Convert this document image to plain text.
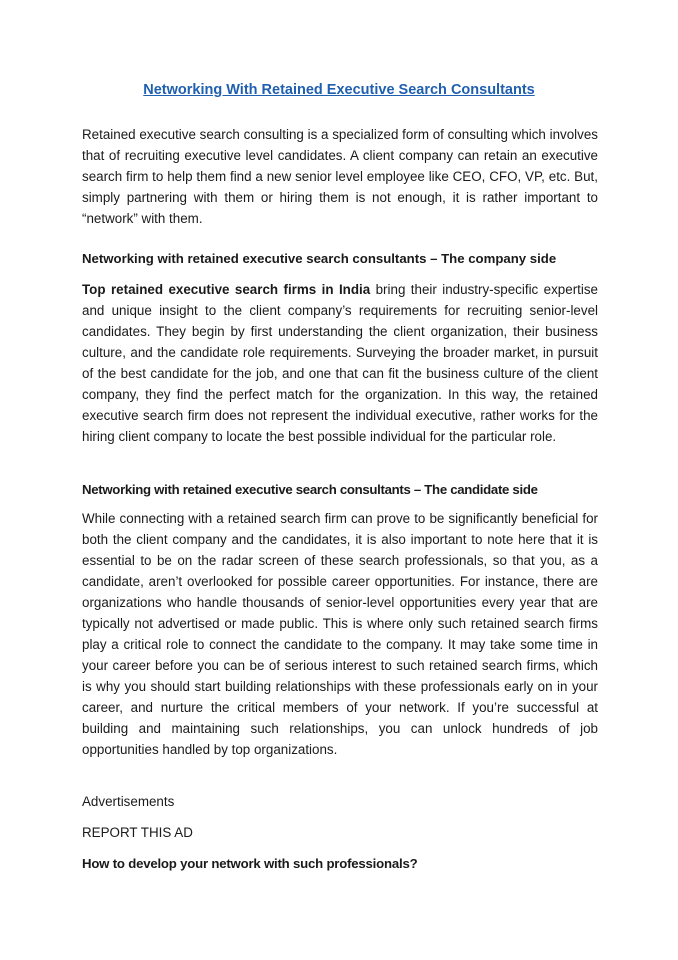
Networking With Retained Executive Search Consultants

Retained executive search consulting is a specialized form of consulting which involves that of recruiting executive level candidates. A client company can retain an executive search firm to help them find a new senior level employee like CEO, CFO, VP, etc. But, simply partnering with them or hiring them is not enough, it is rather important to “network” with them.

Networking with retained executive search consultants – The company side

Top retained executive search firms in India bring their industry-specific expertise and unique insight to the client company’s requirements for recruiting senior-level candidates. They begin by first understanding the client organization, their business culture, and the candidate role requirements. Surveying the broader market, in pursuit of the best candidate for the job, and one that can fit the business culture of the client company, they find the perfect match for the organization. In this way, the retained executive search firm does not represent the individual executive, rather works for the hiring client company to locate the best possible individual for the particular role.

Networking with retained executive search consultants – The candidate side

While connecting with a retained search firm can prove to be significantly beneficial for both the client company and the candidates, it is also important to note here that it is essential to be on the radar screen of these search professionals, so that you, as a candidate, aren’t overlooked for possible career opportunities. For instance, there are organizations who handle thousands of senior-level opportunities every year that are typically not advertised or made public. This is where only such retained search firms play a critical role to connect the candidate to the company. It may take some time in your career before you can be of serious interest to such retained search firms, which is why you should start building relationships with these professionals early on in your career, and nurture the critical members of your network. If you’re successful at building and maintaining such relationships, you can unlock hundreds of job opportunities handled by top organizations.

Advertisements
REPORT THIS AD
How to develop your network with such professionals?
